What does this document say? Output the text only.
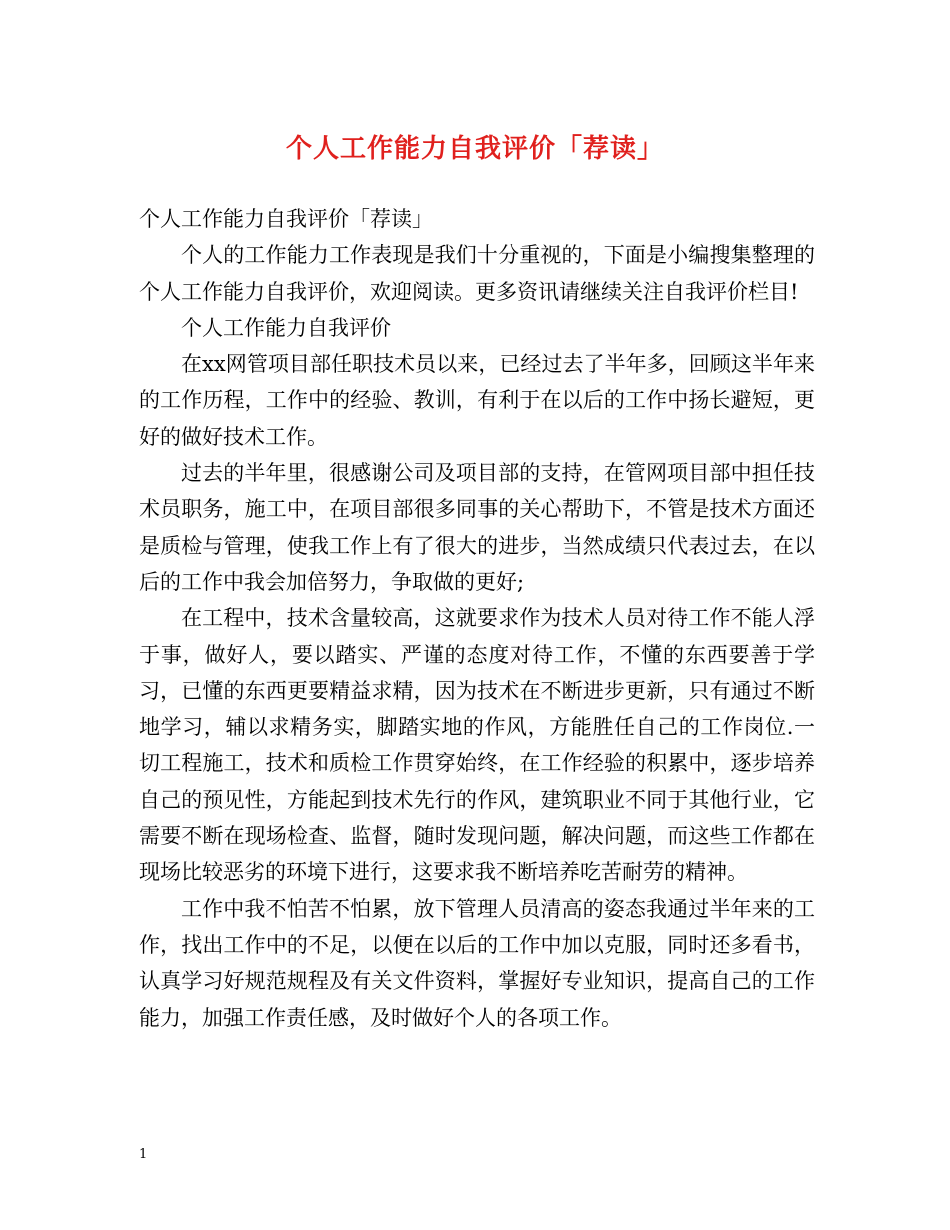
个人工作能力自我评价「荐读」

个人工作能力自我评价「荐读」

个人的工作能力工作表现是我们十分重视的，下面是小编搜集整理的个人工作能力自我评价，欢迎阅读。更多资讯请继续关注自我评价栏目!

个人工作能力自我评价

在xx网管项目部任职技术员以来，已经过去了半年多，回顾这半年来的工作历程，工作中的经验、教训，有利于在以后的工作中扬长避短，更好的做好技术工作。

过去的半年里，很感谢公司及项目部的支持，在管网项目部中担任技术员职务，施工中，在项目部很多同事的关心帮助下，不管是技术方面还是质检与管理，使我工作上有了很大的进步，当然成绩只代表过去，在以后的工作中我会加倍努力，争取做的更好;

在工程中，技术含量较高，这就要求作为技术人员对待工作不能人浮于事，做好人，要以踏实、严谨的态度对待工作，不懂的东西要善于学习，已懂的东西更要精益求精，因为技术在不断进步更新，只有通过不断地学习，辅以求精务实，脚踏实地的作风，方能胜任自己的工作岗位.一切工程施工，技术和质检工作贯穿始终，在工作经验的积累中，逐步培养自己的预见性，方能起到技术先行的作风，建筑职业不同于其他行业，它需要不断在现场检查、监督，随时发现问题，解决问题，而这些工作都在现场比较恶劣的环境下进行，这要求我不断培养吃苦耐劳的精神。

工作中我不怕苦不怕累，放下管理人员清高的姿态我通过半年来的工作，找出工作中的不足，以便在以后的工作中加以克服，同时还多看书，认真学习好规范规程及有关文件资料，掌握好专业知识，提高自己的工作能力，加强工作责任感，及时做好个人的各项工作。

1
